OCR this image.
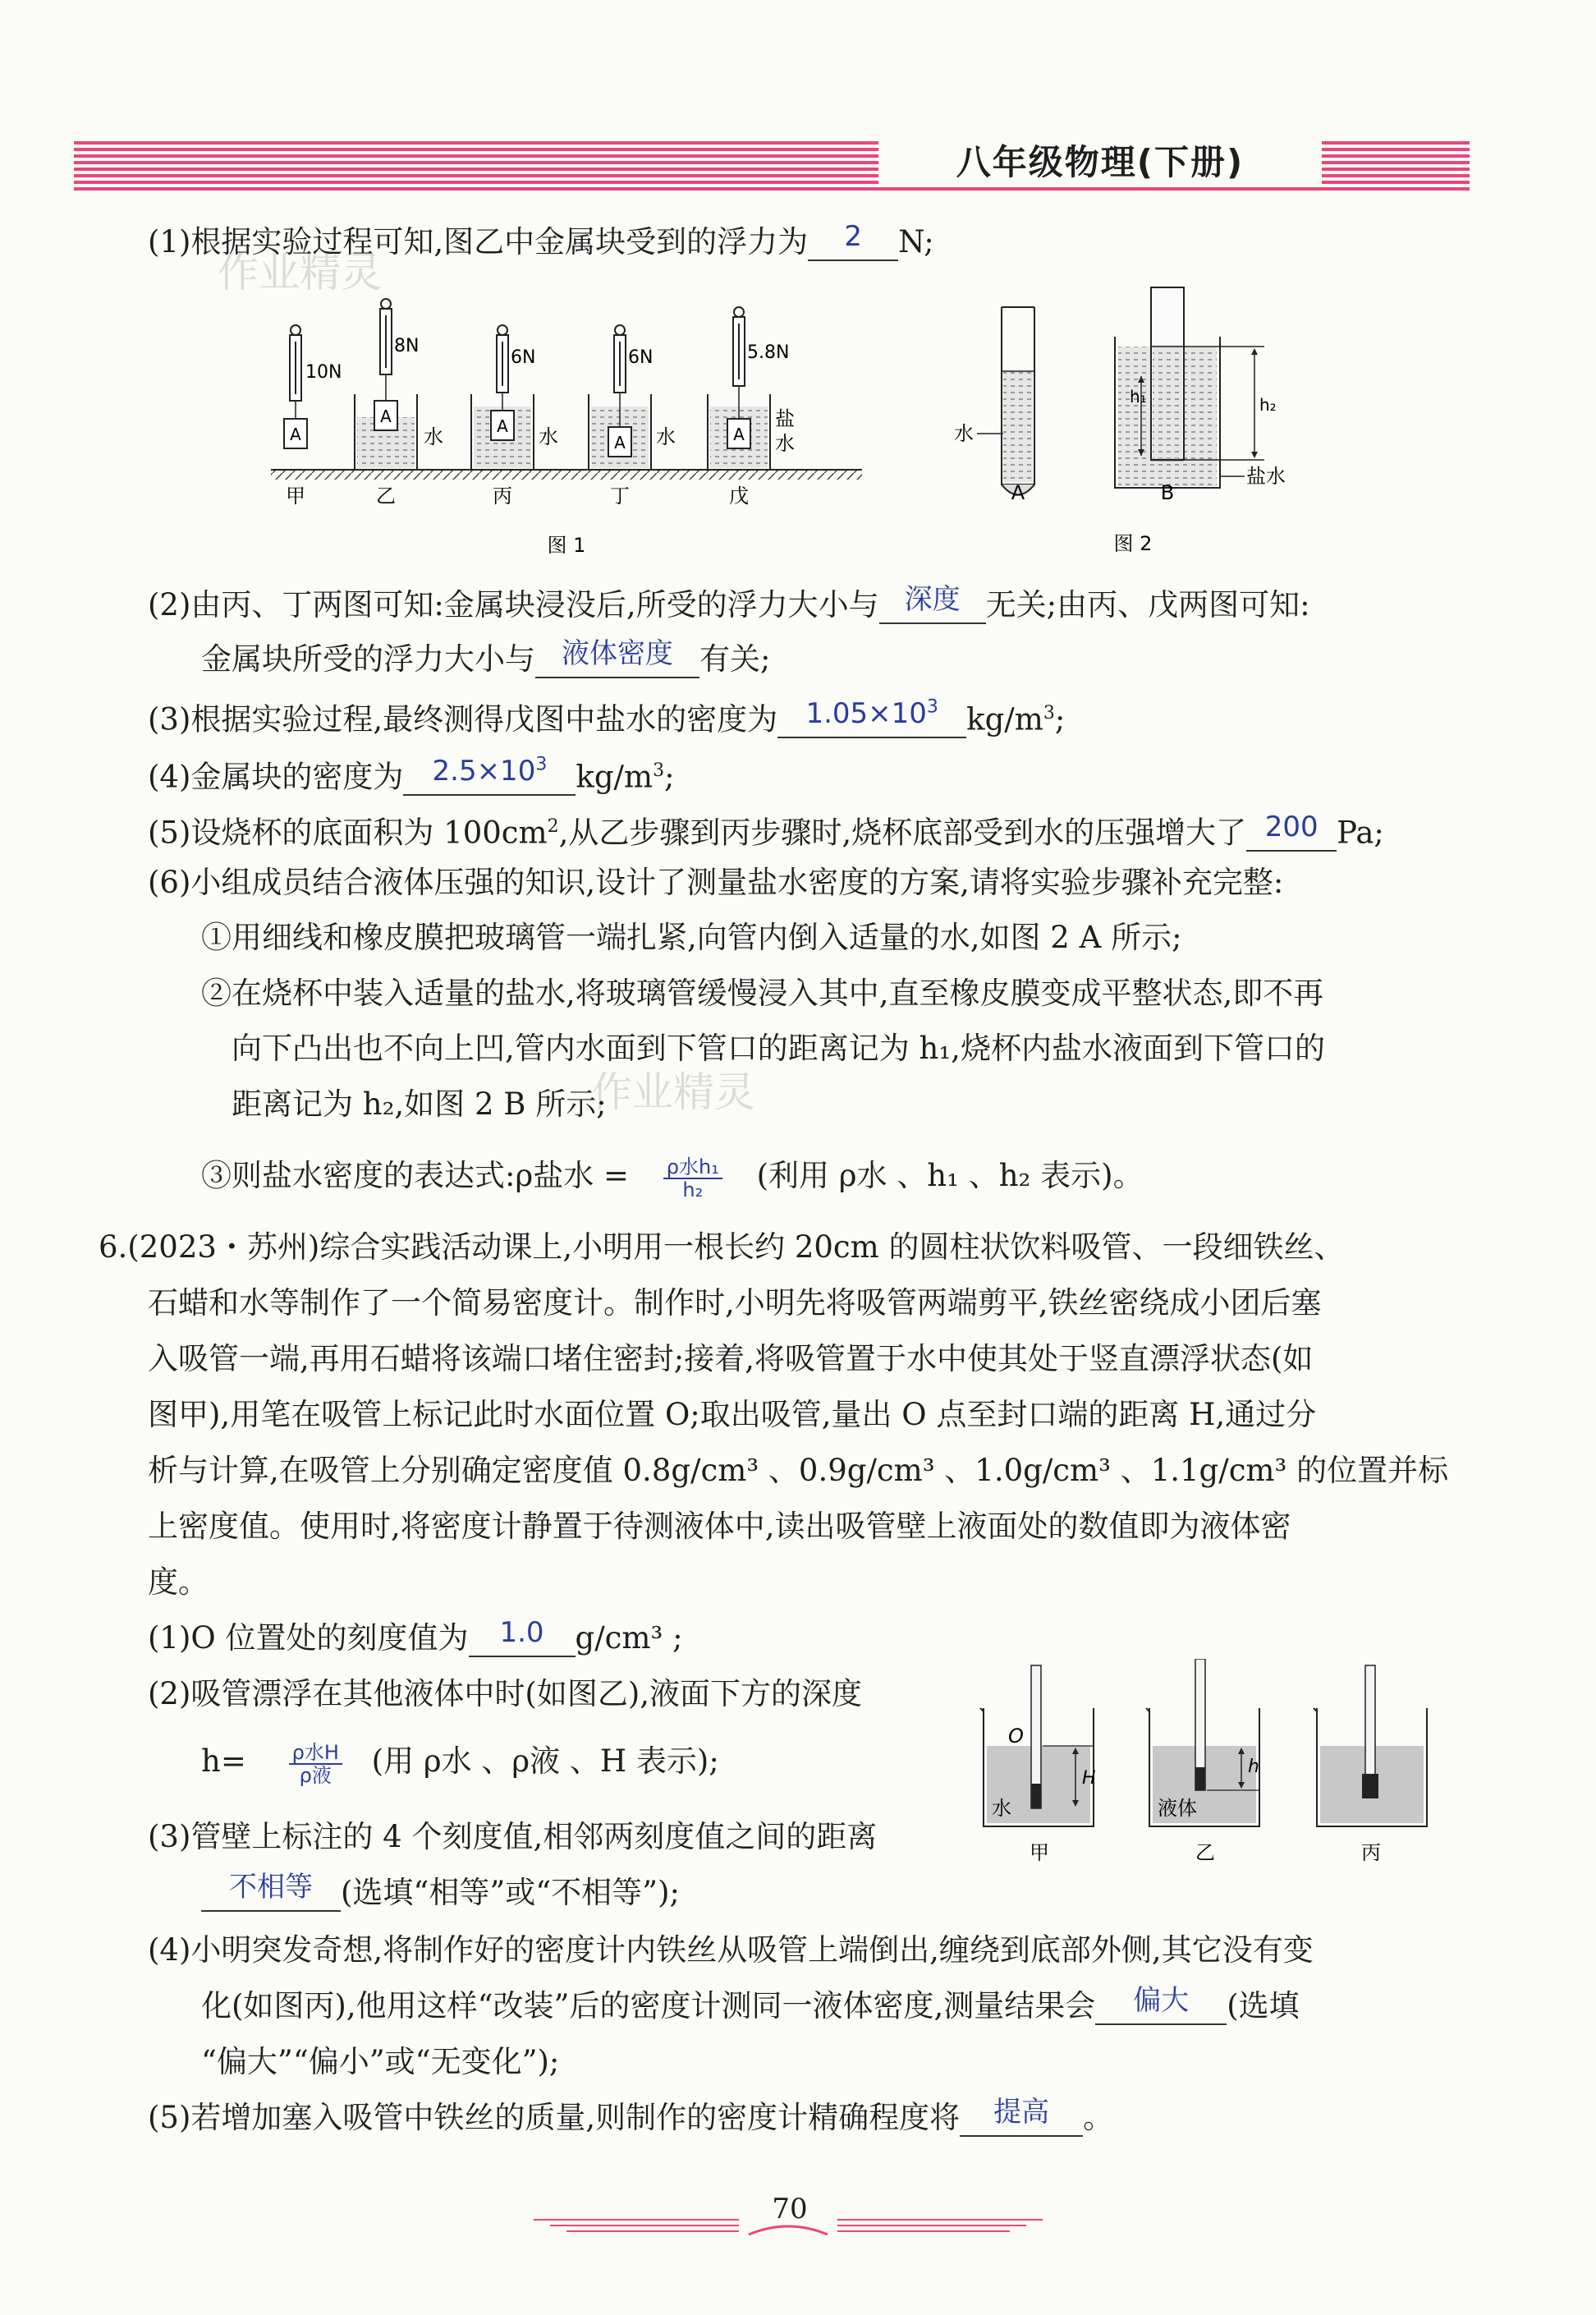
八年级物理(下册)
作业精灵
作业精灵
(1)根据实验过程可知,图乙中金属块受到的浮力为 2 N;
A
10N
甲
A
8N
水
乙
A
6N
水
丙
A
6N
水
丁
A
5.8N
盐
水
戊
图 1
水
A
h₁	h₂
盐水
B
图 2
(2)由丙、丁两图可知:金属块浸没后,所受的浮力大小与 深度 无关;由丙、戊两图可知:
金属块所受的浮力大小与 液体密度 有关;
(3)根据实验过程,最终测得戊图中盐水的密度为 $1.05\times 10^3$ $kg/m^3$;
(4)金属块的密度为 $2.5\times 10^3$ $kg/m^3$;
(5)设烧杯的底面积为 $100cm^2$,从乙步骤到丙步骤时,烧杯底部受到水的压强增大了 200 Pa;
(6)小组成员结合液体压强的知识,设计了测量盐水密度的方案,请将实验步骤补充完整:
①用细线和橡皮膜把玻璃管一端扎紧,向管内倒入适量的水,如图 2 A 所示;
②在烧杯中装入适量的盐水,将玻璃管缓慢浸入其中,直至橡皮膜变成平整状态,即不再
向下凸出也不向上凹,管内水面到下管口的距离记为 h₁,烧杯内盐水液面到下管口的
距离记为 h₂,如图 2 B 所示;
③则盐水密度的表达式:ρ盐水 = $\frac{\text{ρ水h₁}}{\text{h₂}}$ (利用 ρ水 、h₁ 、h₂ 表示)。
6.(2023・苏州)综合实践活动课上,小明用一根长约 20cm 的圆柱状饮料吸管、一段细铁丝、
石蜡和水等制作了一个简易密度计。制作时,小明先将吸管两端剪平,铁丝密绕成小团后塞
入吸管一端,再用石蜡将该端口堵住密封;接着,将吸管置于水中使其处于竖直漂浮状态(如
图甲),用笔在吸管上标记此时水面位置 O;取出吸管,量出 O 点至封口端的距离 H,通过分
析与计算,在吸管上分别确定密度值 0.8g/cm³ 、0.9g/cm³ 、1.0g/cm³ 、1.1g/cm³ 的位置并标
上密度值。使用时,将密度计静置于待测液体中,读出吸管壁上液面处的数值即为液体密
度。
(1)O 位置处的刻度值为 1.0 g/cm³ ;
(2)吸管漂浮在其他液体中时(如图乙),液面下方的深度
$h= \frac{\text{ρ水H}}{\text{ρ液}}$ (用 ρ水 、ρ液 、H 表示);
(3)管壁上标注的 4 个刻度值,相邻两刻度值之间的距离
不相等 (选填“相等”或“不相等”);
O
H
水
甲
h
液体
乙	丙
(4)小明突发奇想,将制作好的密度计内铁丝从吸管上端倒出,缠绕到底部外侧,其它没有变
化(如图丙),他用这样“改装”后的密度计测同一液体密度,测量结果会 偏大 (选填
“偏大”“偏小”或“无变化”);
(5)若增加塞入吸管中铁丝的质量,则制作的密度计精确程度将 提高 。
70
